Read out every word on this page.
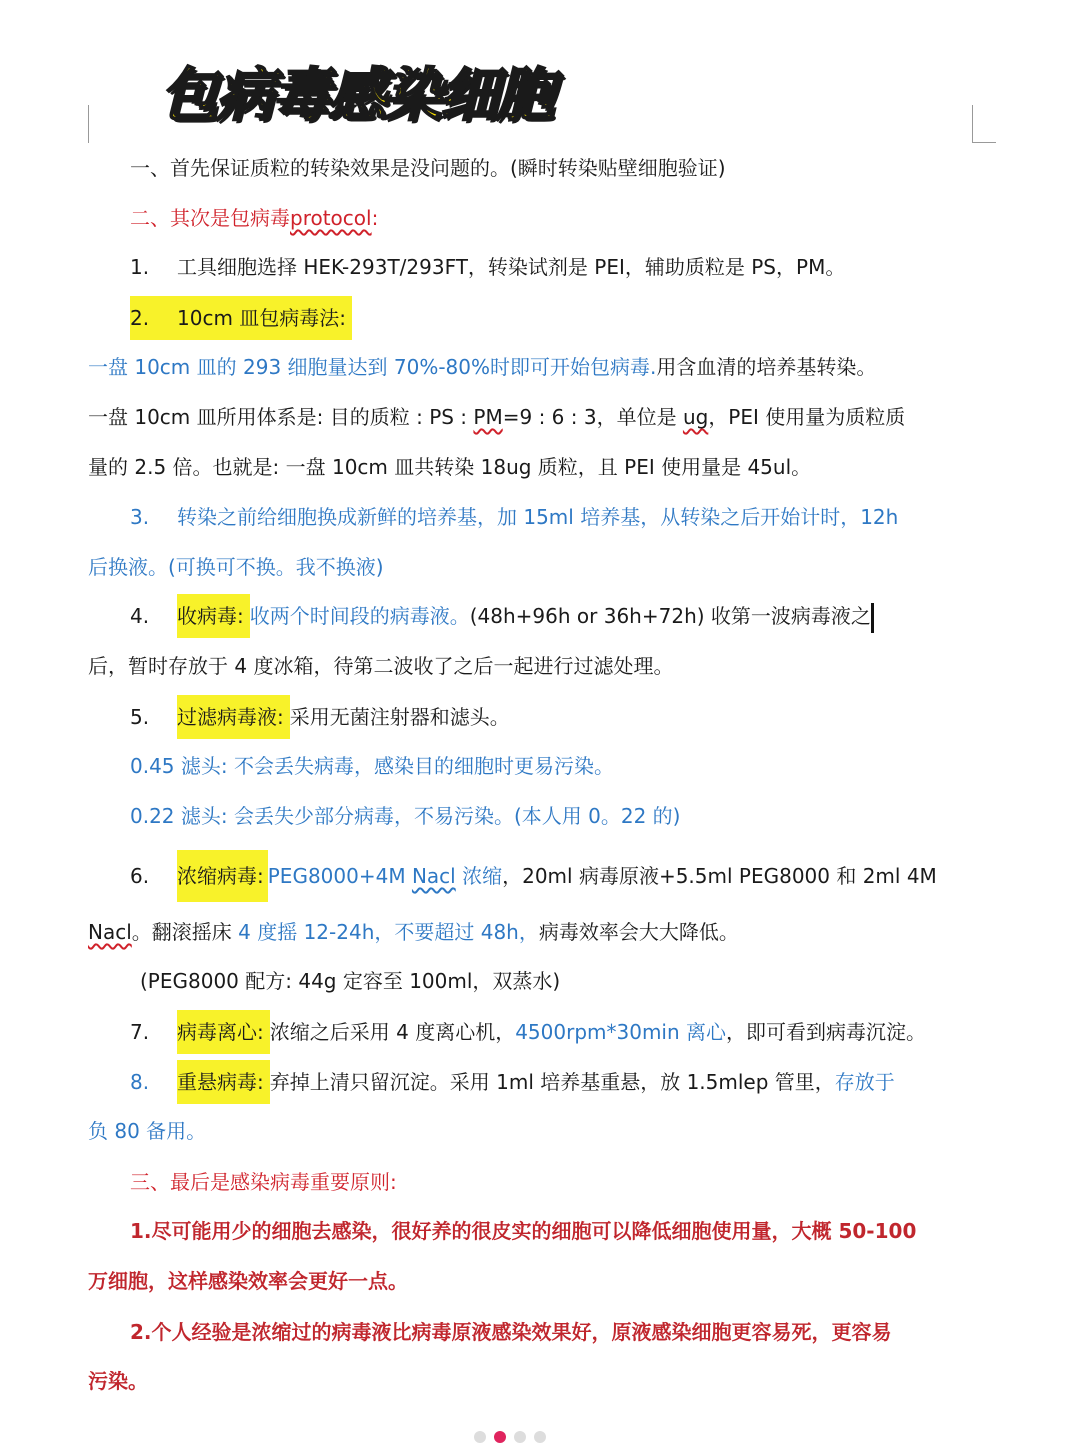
包病毒感染细胞
一、首先保证质粒的转染效果是没问题的。(瞬时转染贴壁细胞验证)
二、其次是包病毒protocol:
1. 工具细胞选择 HEK-293T/293FT，转染试剂是 PEI，辅助质粒是 PS，PM。
2. 10cm 皿包病毒法:
一盘 10cm 皿的 293 细胞量达到 70%-80%时即可开始包病毒.用含血清的培养基转染。
一盘 10cm 皿所用体系是: 目的质粒 : PS : PM=9 : 6 : 3，单位是 ug，PEI 使用量为质粒质
量的 2.5 倍。也就是: 一盘 10cm 皿共转染 18ug 质粒，且 PEI 使用量是 45ul。
3. 转染之前给细胞换成新鲜的培养基，加 15ml 培养基，从转染之后开始计时，12h
后换液。(可换可不换。我不换液)
4. 收病毒: 收两个时间段的病毒液。(48h+96h or 36h+72h) 收第一波病毒液之
后，暂时存放于 4 度冰箱，待第二波收了之后一起进行过滤处理。
5. 过滤病毒液: 采用无菌注射器和滤头。
0.45 滤头: 不会丢失病毒，感染目的细胞时更易污染。
0.22 滤头: 会丢失少部分病毒，不易污染。(本人用 0。22 的)
6. 浓缩病毒: PEG8000+4M Nacl 浓缩，20ml 病毒原液+5.5ml PEG8000 和 2ml 4M
Nacl。翻滚摇床 4 度摇 12-24h，不要超过 48h，病毒效率会大大降低。
(PEG8000 配方: 44g 定容至 100ml，双蒸水)
7. 病毒离心: 浓缩之后采用 4 度离心机，4500rpm*30min 离心，即可看到病毒沉淀。
8. 重悬病毒: 弃掉上清只留沉淀。采用 1ml 培养基重悬，放 1.5mlep 管里，存放于
负 80 备用。
三、最后是感染病毒重要原则:
1.尽可能用少的细胞去感染，很好养的很皮实的细胞可以降低细胞使用量，大概 50-100
万细胞，这样感染效率会更好一点。
2.个人经验是浓缩过的病毒液比病毒原液感染效果好，原液感染细胞更容易死，更容易
污染。
